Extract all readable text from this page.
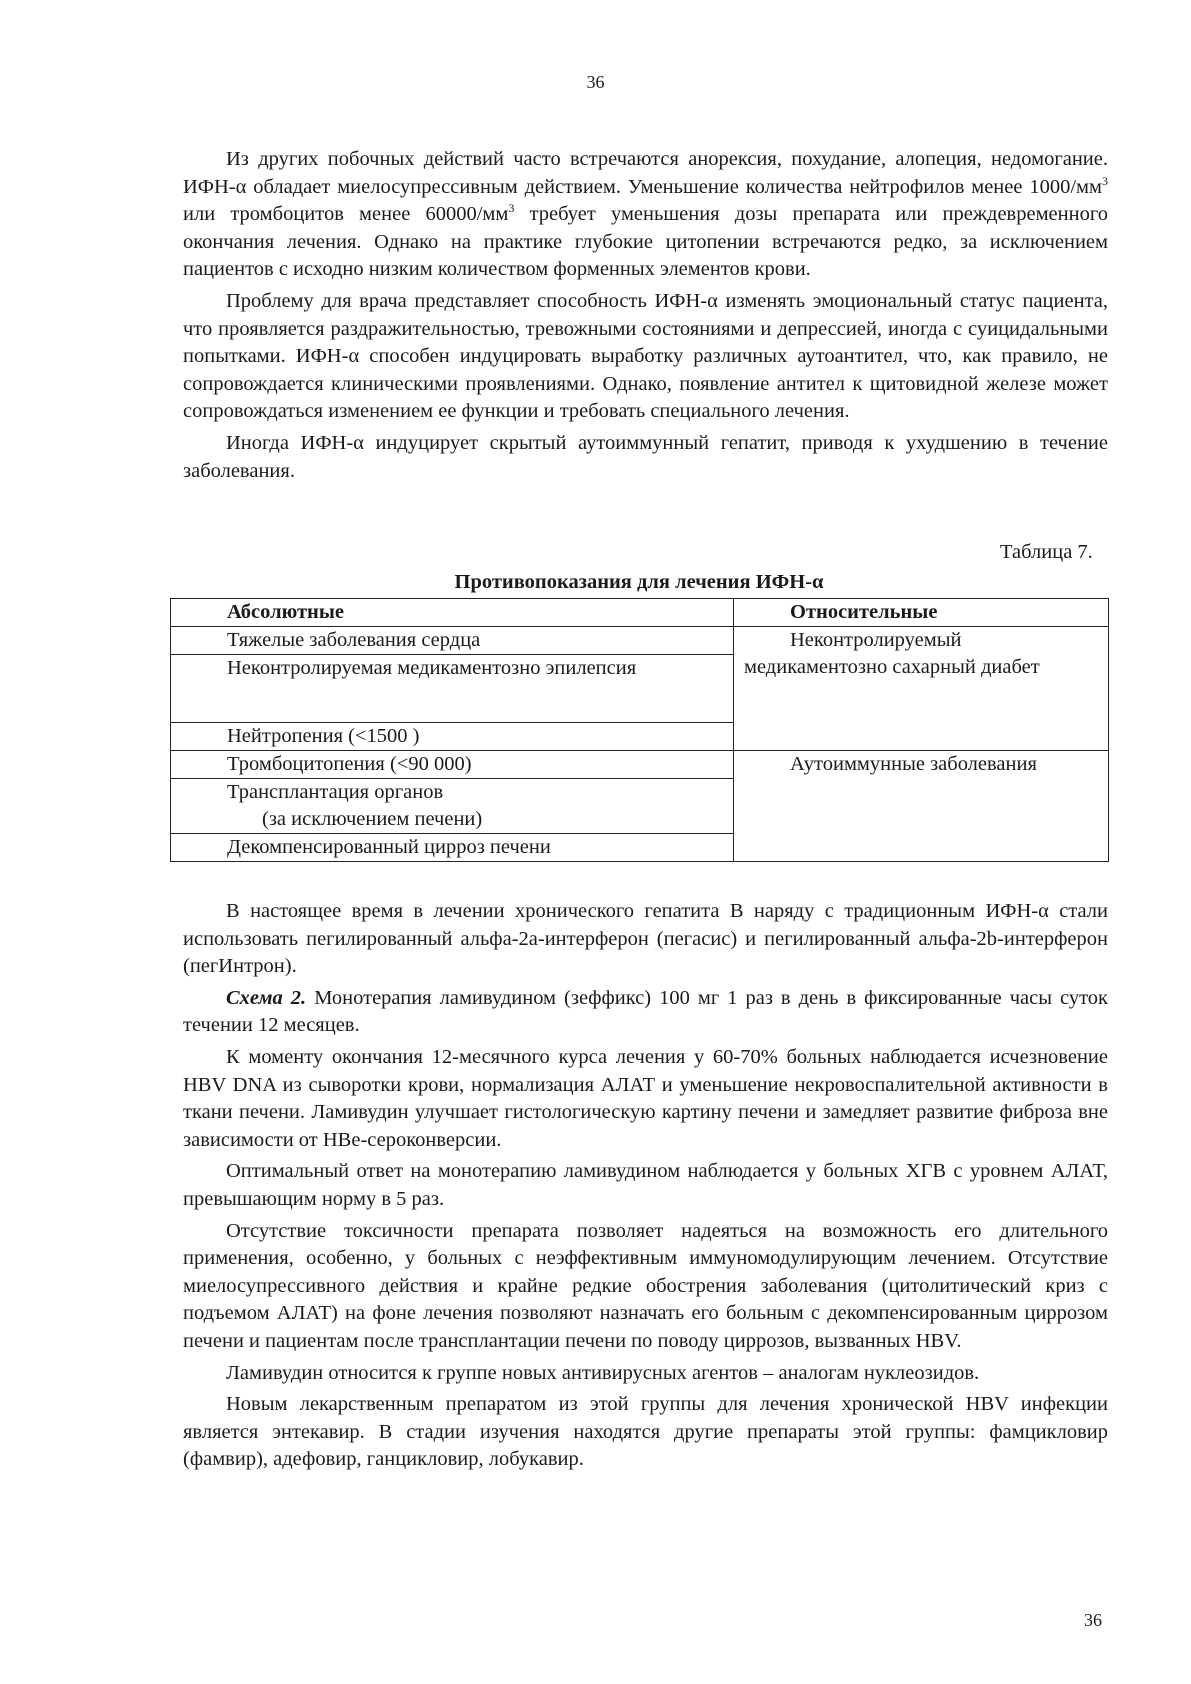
36

Из других побочных действий часто встречаются анорексия, похудание, алопеция, недомогание. ИФН-α обладает миелосупрессивным действием. Уменьшение количества нейтрофилов менее $1000/мм^3$ или тромбоцитов менее $60000/мм^3$ требует уменьшения дозы препарата или преждевременного окончания лечения. Однако на практике глубокие цитопении встречаются редко, за исключением пациентов с исходно низким количеством форменных элементов крови.

Проблему для врача представляет способность ИФН-α изменять эмоциональный статус пациента, что проявляется раздражительностью, тревожными состояниями и депрессией, иногда с суицидальными попытками. ИФН-α способен индуцировать выработку различных аутоантител, что, как правило, не сопровождается клиническими проявлениями. Однако, появление антител к щитовидной железе может сопровождаться изменением ее функции и требовать специального лечения.

Иногда ИФН-α индуцирует скрытый аутоиммунный гепатит, приводя к ухудшению в течение заболевания.

Таблица 7.
Противопоказания для лечения ИФН-α
Абсолютные	Относительные
Тяжелые заболевания сердца	Неконтролируемый
медикаментозно сахарный диабет
Неконтролируемая медикаментозно эпилепсия	
Нейтропения (<1500 )	
Тромбоцитопения (<90 000)	Аутоиммунные заболевания

Трансплантация органов
(за исключением печени)	

Декомпенсированный цирроз печени	

В настоящее время в лечении хронического гепатита В наряду с традиционным ИФН-α стали использовать пегилированный альфа-2а-интерферон (пегасис) и пегилированный альфа-2b-интерферон (пегИнтрон).

Схема 2. Монотерапия ламивудином (зеффикс) 100 мг 1 раз в день в фиксированные часы суток течении 12 месяцев.

К моменту окончания 12-месячного курса лечения у 60-70% больных наблюдается исчезновение HBV DNA из сыворотки крови, нормализация АЛАТ и уменьшение некровоспалительной активности в ткани печени. Ламивудин улучшает гистологическую картину печени и замедляет развитие фиброза вне зависимости от НВе-сероконверсии.

Оптимальный ответ на монотерапию ламивудином наблюдается у больных ХГВ с уровнем АЛАТ, превышающим норму в 5 раз.

Отсутствие токсичности препарата позволяет надеяться на возможность его длительного применения, особенно, у больных с неэффективным иммуномодулирующим лечением. Отсутствие миелосупрессивного действия и крайне редкие обострения заболевания (цитолитический криз с подъемом АЛАТ) на фоне лечения позволяют назначать его больным с декомпенсированным циррозом печени и пациентам после трансплантации печени по поводу циррозов, вызванных HBV.

Ламивудин относится к группе новых антивирусных агентов – аналогам нуклеозидов.

Новым лекарственным препаратом из этой группы для лечения хронической HBV инфекции является энтекавир. В стадии изучения находятся другие препараты этой группы: фамцикловир (фамвир), адефовир, ганцикловир, лобукавир.

36
